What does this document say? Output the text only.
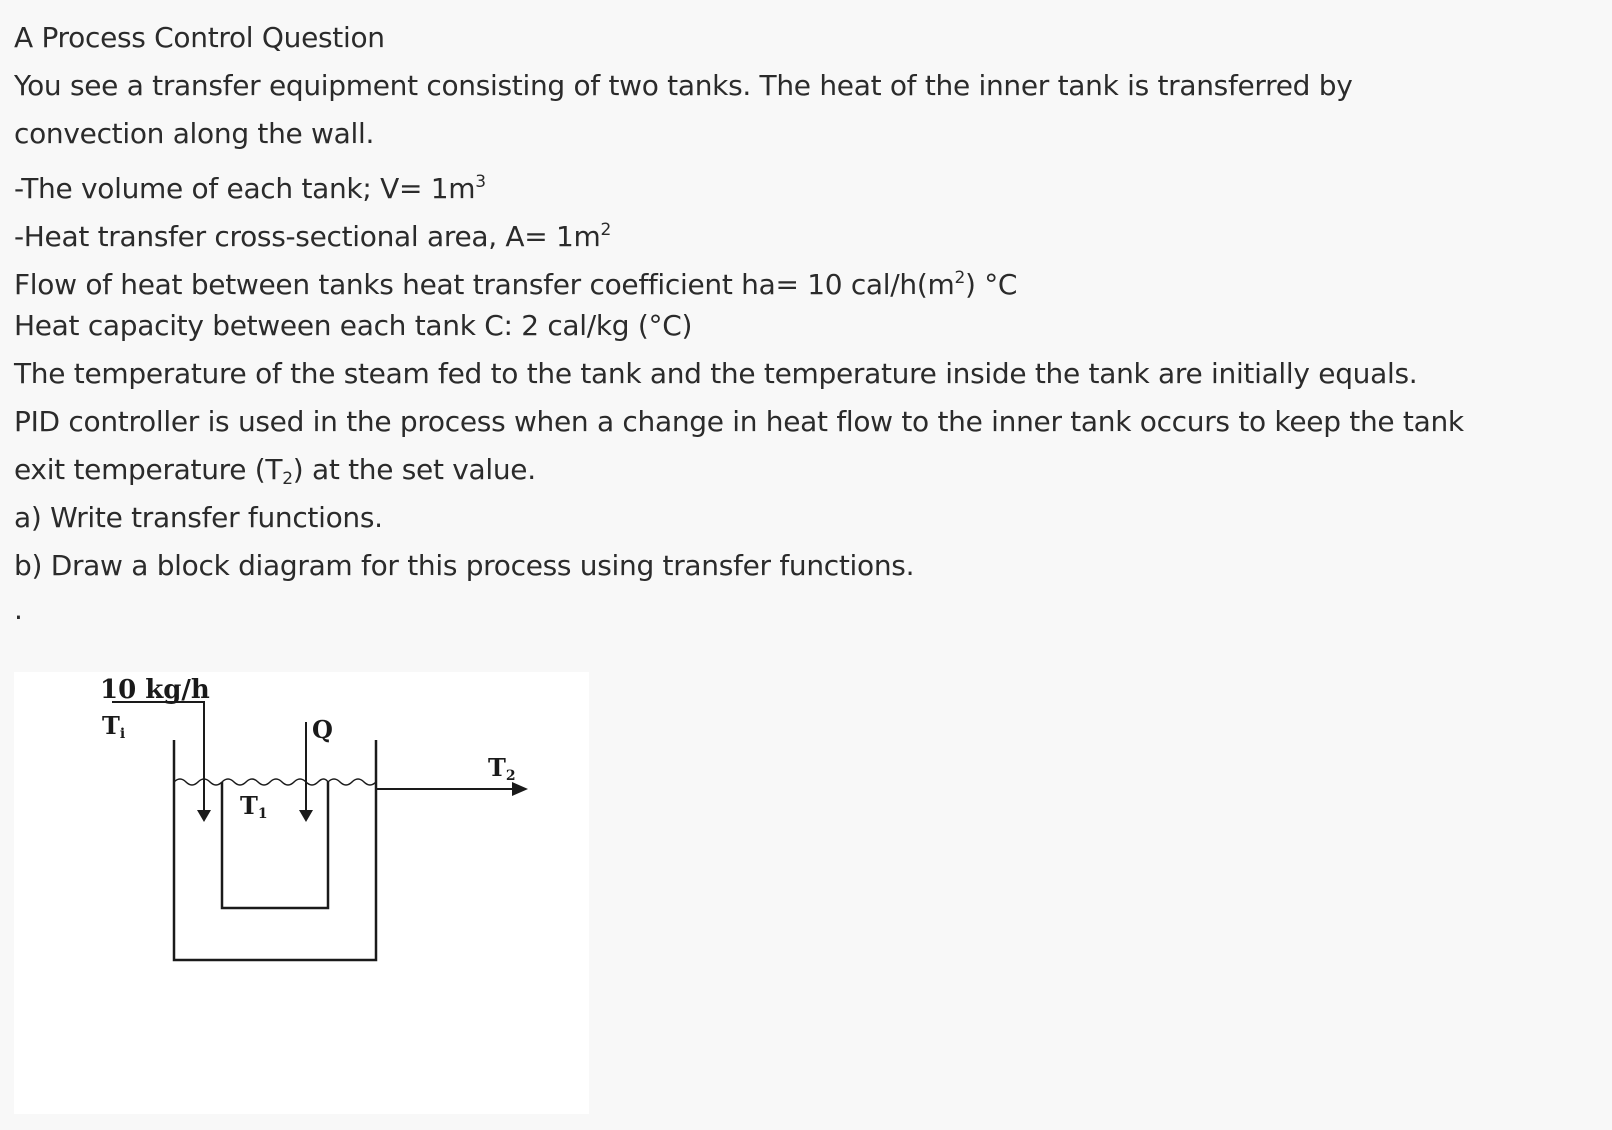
A Process Control Question
You see a transfer equipment consisting of two tanks. The heat of the inner tank is transferred by
convection along the wall.
-The volume of each tank; $V= 1m^3$
-Heat transfer cross-sectional area, $A= 1m^2$
Flow of heat between tanks heat transfer coefficient ha= 10 cal/$h(m^2)$ °C
Heat capacity between each tank C: 2 cal/kg (°C)
The temperature of the steam fed to the tank and the temperature inside the tank are initially equals.
PID controller is used in the process when a change in heat flow to the inner tank occurs to keep the tank
exit temperature $(T_2)$ at the set value.
a) Write transfer functions.
b) Draw a block diagram for this process using transfer functions.
.
10 kg/h
Ti	Q
T1
T2
